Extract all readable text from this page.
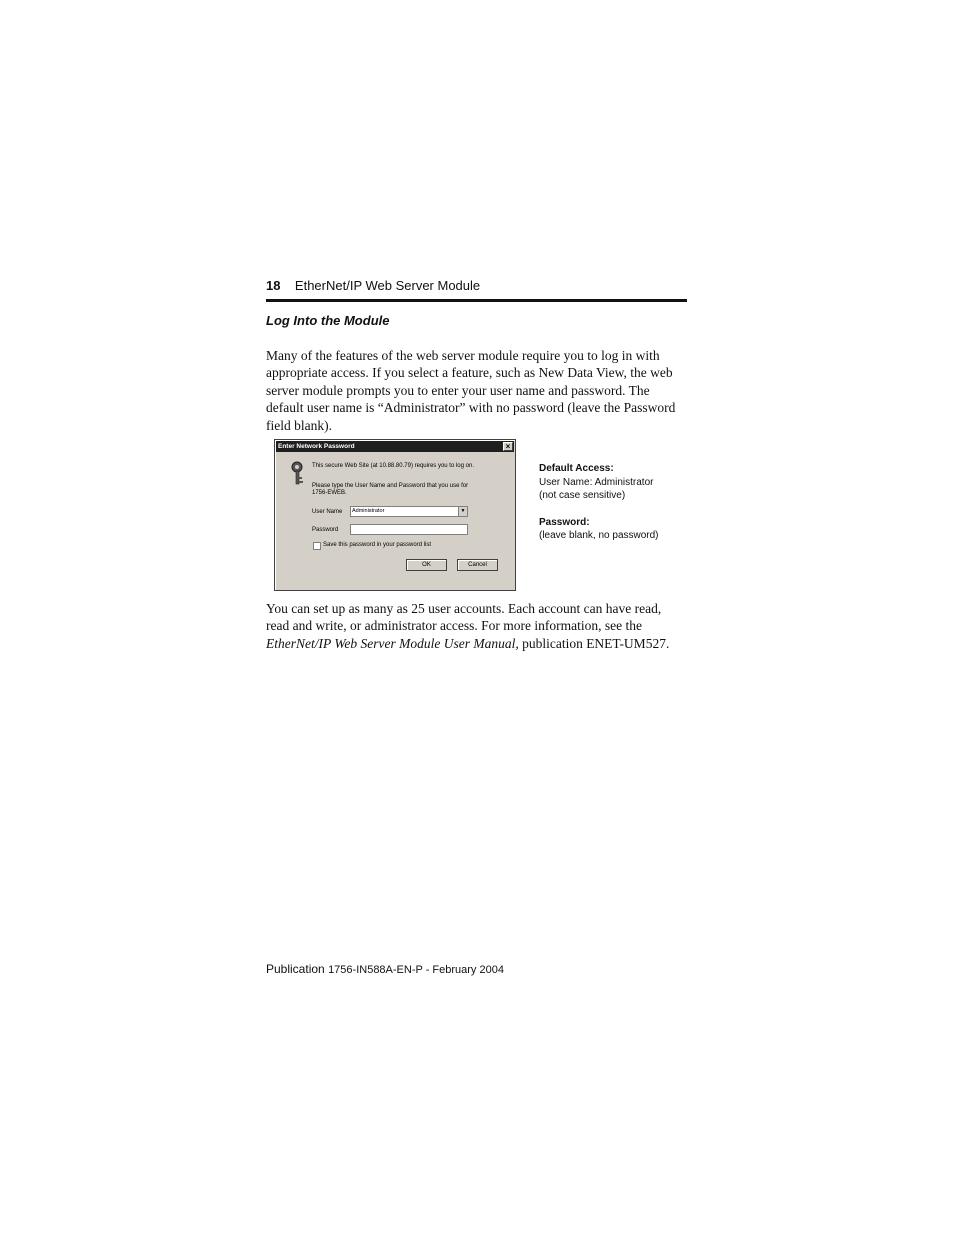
18 EtherNet/IP Web Server Module
Log Into the Module

Many of the features of the web server module require you to log in with appropriate access. If you select a feature, such as New Data View, the web server module prompts you to enter your user name and password. The default user name is “Administrator” with no password (leave the Password field blank).

Enter Network Password	×
This secure Web Site (at 10.88.80.79) requires you to log on.
Please type the User Name and Password that you use for
1756-EWEB.
User Name	Administrator	▼
Password
Save this password in your password list
OK	Cancel
Default Access:
User Name: Administrator
(not case sensitive)
Password:
(leave blank, no password)

You can set up as many as 25 user accounts. Each account can have read, read and write, or administrator access. For more information, see the EtherNet/IP Web Server Module User Manual, publication ENET-UM527.

Publication 1756-IN588A-EN-P - February 2004
